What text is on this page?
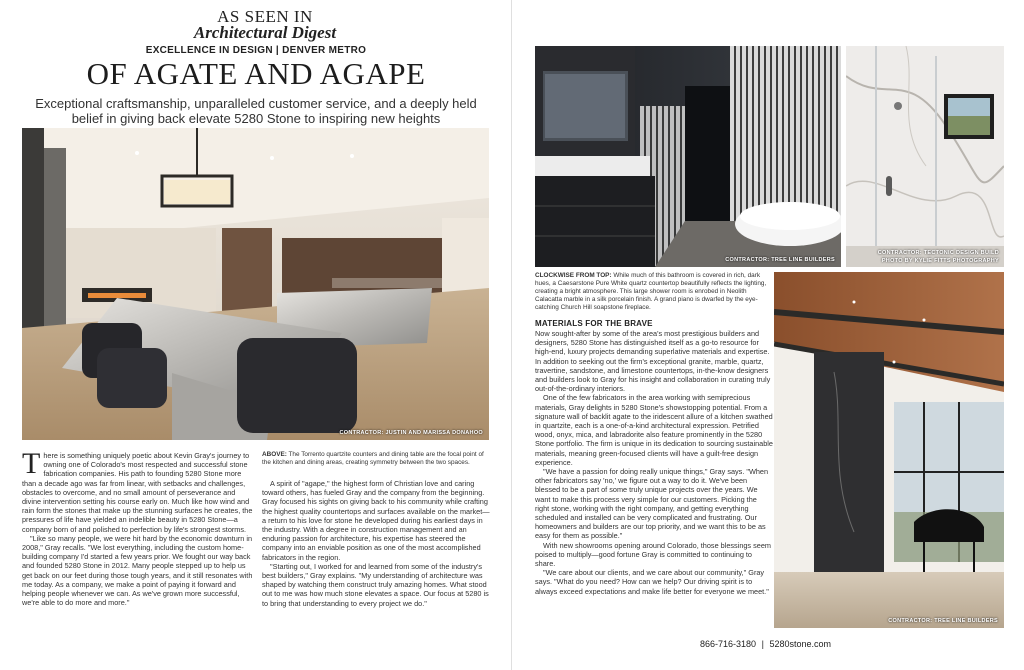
AS SEEN IN
Architectural Digest
EXCELLENCE IN DESIGN | DENVER METRO
OF AGATE AND AGAPE
Exceptional craftsmanship, unparalleled customer service, and a deeply held belief in giving back elevate 5280 Stone to inspiring new heights
CONTRACTOR: JUSTIN AND MARISSA DONAHOO

There is something uniquely poetic about Kevin Gray's journey to owning one of Colorado's most respected and successful stone fabrication companies. His path to founding 5280 Stone more than a decade ago was far from linear, with setbacks and challenges, obstacles to overcome, and no small amount of perseverance and divine intervention setting his course early on. Much like how wind and rain form the stones that make up the stunning surfaces he creates, the pressures of life have yielded an indelible beauty in 5280 Stone—a company born of and polished to perfection by life's strongest storms.

"Like so many people, we were hit hard by the economic downturn in 2008," Gray recalls. "We lost everything, including the custom home-building company I'd started a few years prior. We fought our way back and founded 5280 Stone in 2012. Many people stepped up to help us get back on our feet during those tough years, and it still resonates with me today. As a company, we make a point of paying it forward and helping people whenever we can. As we've grown more successful, we're able to do more and more."

ABOVE: The Torrento quartzite counters and dining table are the focal point of the kitchen and dining areas, creating symmetry between the two spaces.

A spirit of "agape," the highest form of Christian love and caring toward others, has fueled Gray and the company from the beginning. Gray focused his sights on giving back to his community while crafting the highest quality countertops and surfaces available on the market—a return to his love for stone he developed during his earliest days in the industry. With a degree in construction management and an enduring passion for architecture, his expertise has steered the company into an enviable position as one of the most accomplished fabricators in the region.

"Starting out, I worked for and learned from some of the industry's best builders," Gray explains. "My understanding of architecture was shaped by watching them construct truly amazing homes. What stood out to me was how much stone elevates a space. Our focus at 5280 is to bring that understanding to every project we do."

CONTRACTOR: TREE LINE BUILDERS
CONTRACTOR: TECTONIC DESIGN BUILD
PHOTO BY KYLIE FITTS PHOTOGRAPHY
CLOCKWISE FROM TOP: While much of this bathroom is covered in rich, dark hues, a Caesarstone Pure White quartz countertop beautifully reflects the lighting, creating a bright atmosphere. This large shower room is enrobed in Neolith Calacatta marble in a silk porcelain finish. A grand piano is dwarfed by the eye-catching Church Hill soapstone fireplace.
MATERIALS FOR THE BRAVE

Now sought-after by some of the area's most prestigious builders and designers, 5280 Stone has distinguished itself as a go-to resource for high-end, luxury projects demanding superlative materials and expertise. In addition to seeking out the firm's exceptional granite, marble, quartz, travertine, sandstone, and limestone countertops, in-the-know designers and builders look to Gray for his insight and collaboration in curating truly out-of-the-ordinary interiors.

One of the few fabricators in the area working with semiprecious materials, Gray delights in 5280 Stone's showstopping potential. From a signature wall of backlit agate to the iridescent allure of a kitchen swathed in quartzite, each is a one-of-a-kind architectural expression. Petrified wood, onyx, mica, and labradorite also feature prominently in the 5280 Stone portfolio. The firm is unique in its dedication to sourcing sustainable materials, meaning green-focused clients will have a guilt-free design experience.

"We have a passion for doing really unique things," Gray says. "When other fabricators say 'no,' we figure out a way to do it. We've been blessed to be a part of some truly unique projects over the years. We want to make this process very simple for our customers. Picking the right stone, working with the right company, and getting everything scheduled and installed can be very complicated and frustrating. Our homeowners and builders are our top priority, and we want this to be as easy for them as possible."

With new showrooms opening around Colorado, those blessings seem poised to multiply—good fortune Gray is committed to continuing to share.

"We care about our clients, and we care about our community," Gray says. "What do you need? How can we help? Our driving spirit is to always exceed expectations and make life better for everyone we meet."

CONTRACTOR: TREE LINE BUILDERS
866-716-3180 | 5280stone.com
